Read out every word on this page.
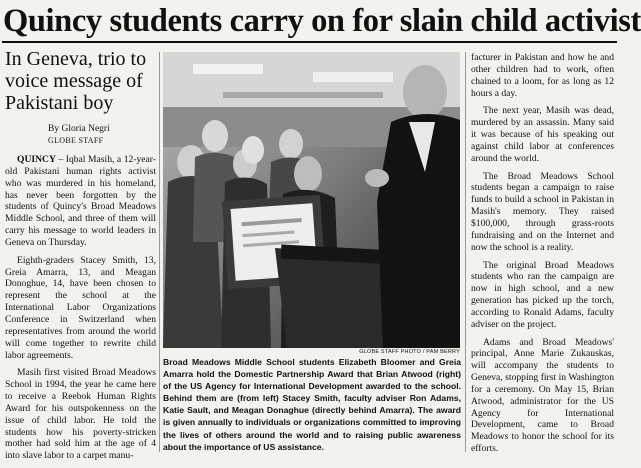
Quincy students carry on for slain child activist
In Geneva, trio to voice message of Pakistani boy
By Gloria Negri
GLOBE STAFF

QUINCY – Iqbal Masih, a 12-year-old Pakistani human rights activist who was murdered in his homeland, has never been forgotten by the students of Quincy's Broad Meadows Middle School, and three of them will carry his message to world leaders in Geneva on Thursday.

Eighth-graders Stacey Smith, 13, Greia Amarra, 13, and Meagan Donoghue, 14, have been chosen to represent the school at the International Labor Organizations Conference in Switzerland when representatives from around the world will come together to rewrite child labor agreements.

Masih first visited Broad Meadows School in 1994, the year he came here to receive a Reebok Human Rights Award for his outspokenness on the issue of child labor. He told the students how his poverty-stricken mother had sold him at the age of 4 into slave labor to a carpet manu-

GLOBE STAFF PHOTO / PAM BERRY
Broad Meadows Middle School students Elizabeth Bloomer and Greia Amarra hold the Domestic Partnership Award that Brian Atwood (right) of the US Agency for International Development awarded to the school. Behind them are (from left) Stacey Smith, faculty adviser Ron Adams, Katie Sault, and Meagan Donaghue (directly behind Amarra). The award is given annually to individuals or organizations committed to improving the lives of others around the world and to raising public awareness about the importance of US assistance.

facturer in Pakistan and how he and other children had to work, often chained to a loom, for as long as 12 hours a day.

The next year, Masih was dead, murdered by an assassin. Many said it was because of his speaking out against child labor at conferences around the world.

The Broad Meadows School students began a campaign to raise funds to build a school in Pakistan in Masih's memory. They raised $100,000, through grass-roots fundraising and on the Internet and now the school is a reality.

The original Broad Meadows students who ran the campaign are now in high school, and a new generation has picked up the torch, according to Ronald Adams, faculty adviser on the project.

Adams and Broad Meadows' principal, Anne Marie Zukauskas, will accompany the students to Geneva, stopping first in Washington for a ceremony. On May 15, Brian Atwood, administrator for the US Agency for International Development, came to Broad Meadows to honor the school for its efforts.
